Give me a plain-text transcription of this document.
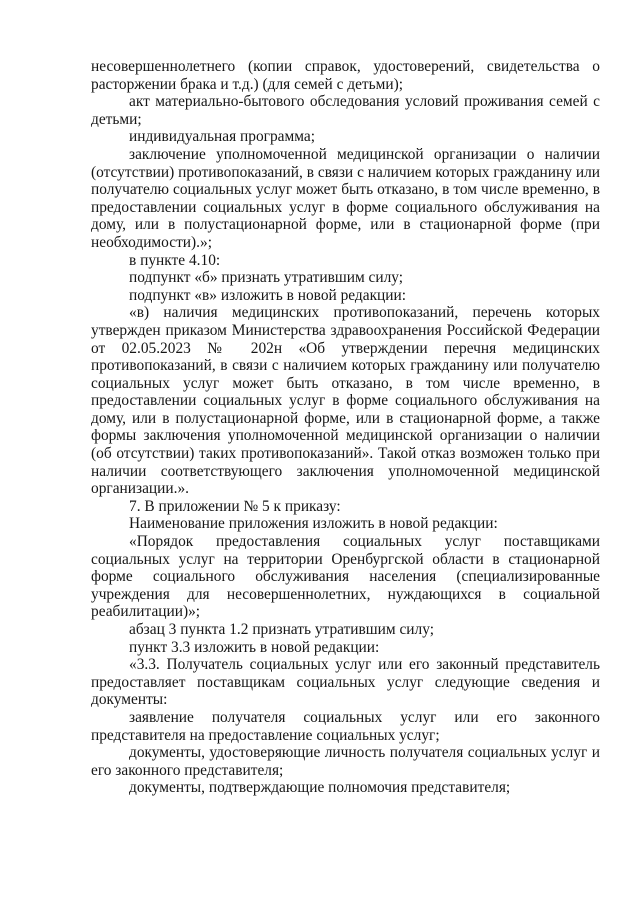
несовершеннолетнего (копии справок, удостоверений, свидетельства о расторжении брака и т.д.) (для семей с детьми);

акт материально-бытового обследования условий проживания семей с детьми;

индивидуальная программа;

заключение уполномоченной медицинской организации о наличии (отсутствии) противопоказаний, в связи с наличием которых гражданину или получателю социальных услуг может быть отказано, в том числе временно, в предоставлении социальных услуг в форме социального обслуживания на дому, или в полустационарной форме, или в стационарной форме (при необходимости).»;

в пункте 4.10:

подпункт «б» признать утратившим силу;

подпункт «в» изложить в новой редакции:

«в) наличия медицинских противопоказаний, перечень которых утвержден приказом Министерства здравоохранения Российской Федерации от 02.05.2023 № 202н «Об утверждении перечня медицинских противопоказаний, в связи с наличием которых гражданину или получателю социальных услуг может быть отказано, в том числе временно, в предоставлении социальных услуг в форме социального обслуживания на дому, или в полустационарной форме, или в стационарной форме, а также формы заключения уполномоченной медицинской организации о наличии (об отсутствии) таких противопоказаний». Такой отказ возможен только при наличии соответствующего заключения уполномоченной медицинской организации.».

7. В приложении № 5 к приказу:

Наименование приложения изложить в новой редакции:

«Порядок предоставления социальных услуг поставщиками социальных услуг на территории Оренбургской области в стационарной форме социального обслуживания населения (специализированные учреждения для несовершеннолетних, нуждающихся в социальной реабилитации)»;

абзац 3 пункта 1.2 признать утратившим силу;

пункт 3.3 изложить в новой редакции:

«3.3. Получатель социальных услуг или его законный представитель предоставляет поставщикам социальных услуг следующие сведения и документы:

заявление получателя социальных услуг или его законного представителя на предоставление социальных услуг;

документы, удостоверяющие личность получателя социальных услуг и его законного представителя;

документы, подтверждающие полномочия представителя;
